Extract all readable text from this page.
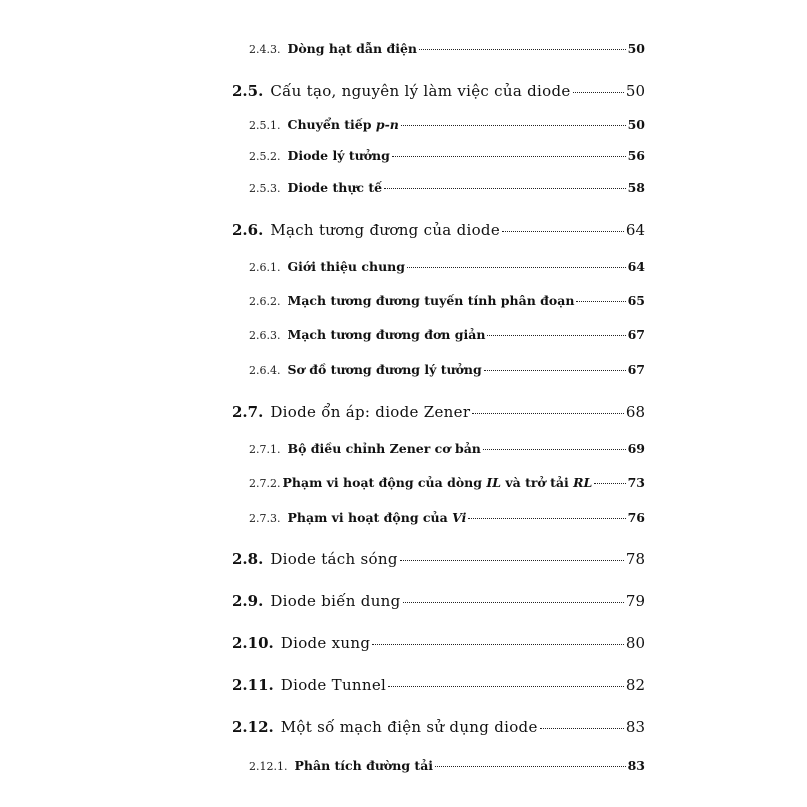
2.4.3. Dòng hạt dẫn điện	50
2.5. Cấu tạo, nguyên lý làm việc của diode	50
2.5.1. Chuyển tiếp p-n	50
2.5.2. Diode lý tưởng	56
2.5.3. Diode thực tế	58
2.6. Mạch tương đương của diode	64
2.6.1. Giới thiệu chung	64
2.6.2. Mạch tương đương tuyến tính phân đoạn	65
2.6.3. Mạch tương đương đơn giản	67
2.6.4. Sơ đồ tương đương lý tưởng	67
2.7. Diode ổn áp: diode Zener	68
2.7.1. Bộ điều chỉnh Zener cơ bản	69
2.7.2. Phạm vi hoạt động của dòng IL và trở tải RL	73
2.7.3. Phạm vi hoạt động của Vi	76
2.8. Diode tách sóng	78
2.9. Diode biến dung	79
2.10. Diode xung	80
2.11. Diode Tunnel	82
2.12. Một số mạch điện sử dụng diode	83
2.12.1. Phân tích đường tải	83
